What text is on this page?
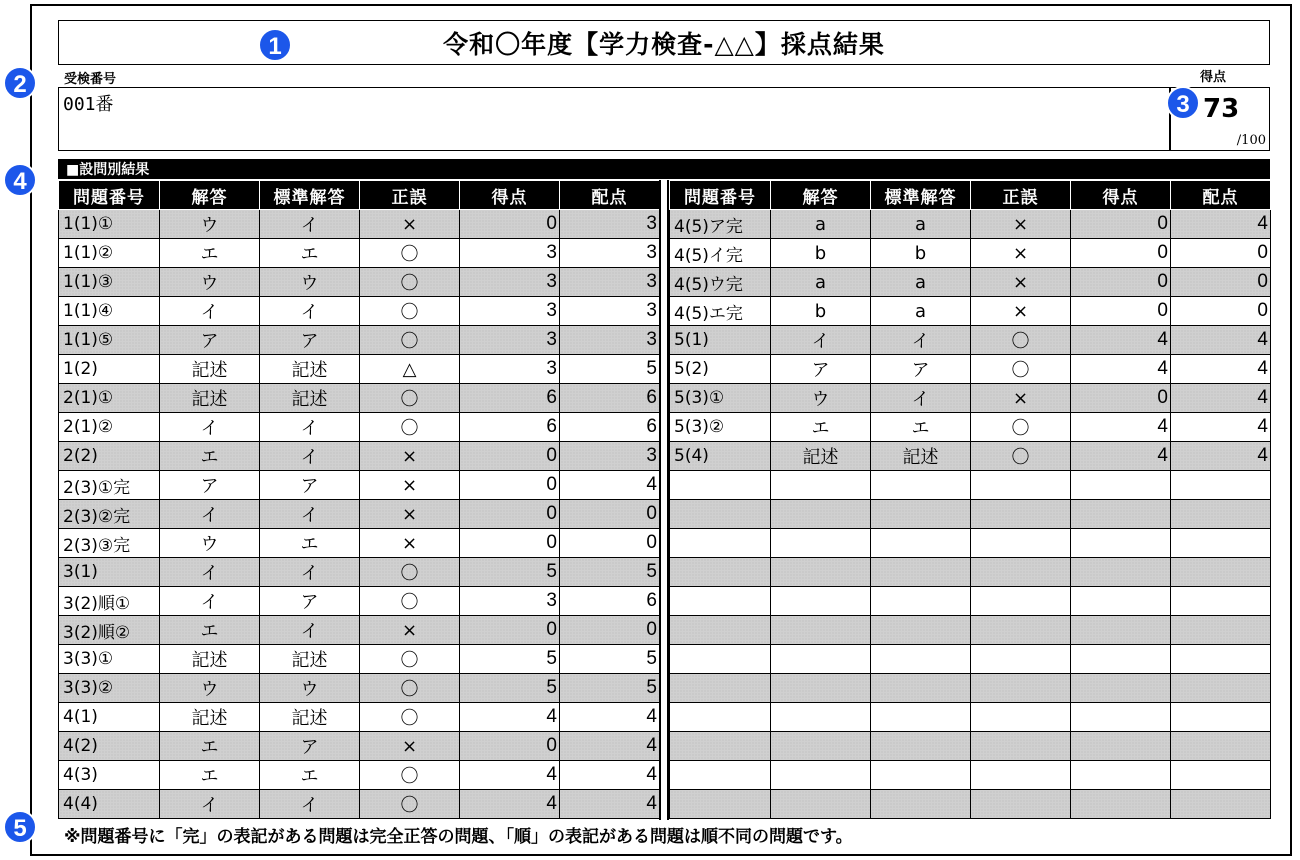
令和〇年度【学力検査-△△】採点結果
受検番号
001番
得点
73
/100
■設問別結果
問題番号	解答	標準解答	正誤	得点	配点
1(1)①	ウ	イ	×	0	3
1(1)②	エ	エ	〇	3	3
1(1)③	ウ	ウ	〇	3	3
1(1)④	イ	イ	〇	3	3
1(1)⑤	ア	ア	〇	3	3
1(2)	記述	記述	△	3	5
2(1)①	記述	記述	〇	6	6
2(1)②	イ	イ	〇	6	6
2(2)	エ	イ	×	0	3
2(3)①完	ア	ア	×	0	4
2(3)②完	イ	イ	×	0	0
2(3)③完	ウ	エ	×	0	0
3(1)	イ	イ	〇	5	5
3(2)順①	イ	ア	〇	3	6
3(2)順②	エ	イ	×	0	0
3(3)①	記述	記述	〇	5	5
3(3)②	ウ	ウ	〇	5	5
4(1)	記述	記述	〇	4	4
4(2)	エ	ア	×	0	4
4(3)	エ	エ	〇	4	4
4(4)	イ	イ	〇	4	4
問題番号	解答	標準解答	正誤	得点	配点
4(5)ア完	a	a	×	0	4
4(5)イ完	b	b	×	0	0
4(5)ウ完	a	a	×	0	0
4(5)エ完	b	a	×	0	0
5(1)	イ	イ	〇	4	4
5(2)	ア	ア	〇	4	4
5(3)①	ウ	イ	×	0	4
5(3)②	エ	エ	〇	4	4
5(4)	記述	記述	〇	4	4

※問題番号に「完」の表記がある問題は完全正答の問題、「順」の表記がある問題は順不同の問題です。
1
2
3
4
5
